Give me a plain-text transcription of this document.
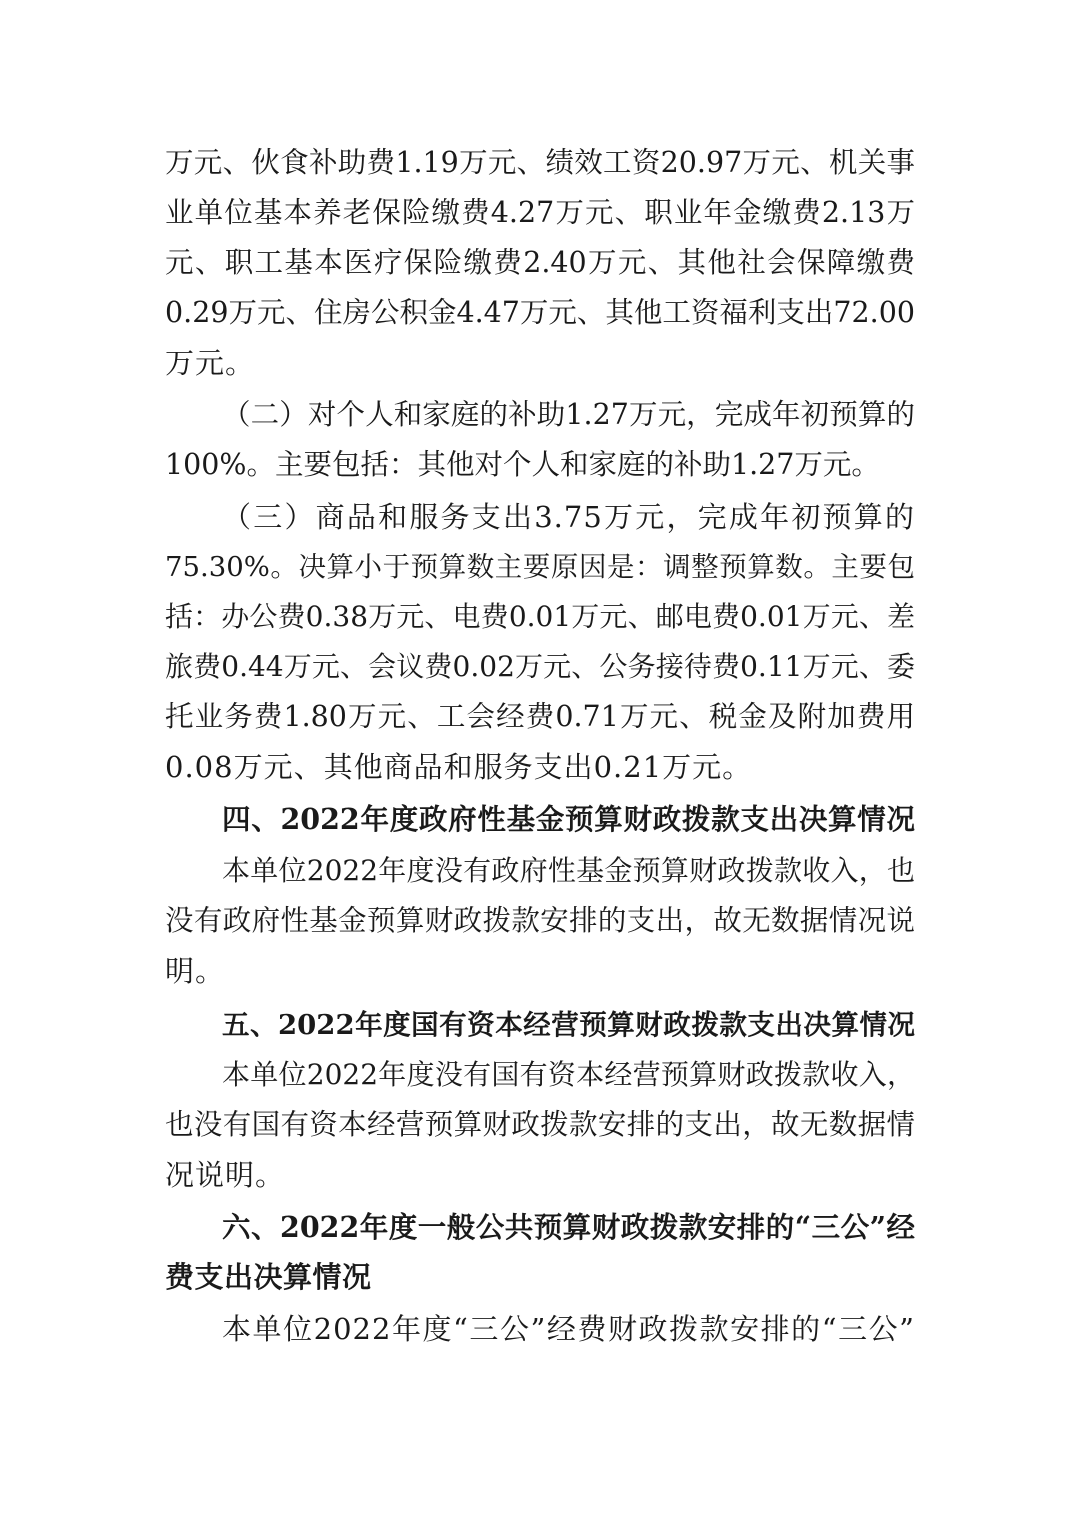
万元、伙食补助费1.19万元、绩效工资20.97万元、机关事
业单位基本养老保险缴费4.27万元、职业年金缴费2.13万
元、职工基本医疗保险缴费2.40万元、其他社会保障缴费
0.29万元、住房公积金4.47万元、其他工资福利支出72.00
万元。
（二）对个人和家庭的补助1.27万元，完成年初预算的
100%。主要包括：其他对个人和家庭的补助1.27万元。
（三）商品和服务支出3.75万元，完成年初预算的
75.30%。决算小于预算数主要原因是：调整预算数。主要包
括：办公费0.38万元、电费0.01万元、邮电费0.01万元、差
旅费0.44万元、会议费0.02万元、公务接待费0.11万元、委
托业务费1.80万元、工会经费0.71万元、税金及附加费用
0.08万元、其他商品和服务支出0.21万元。
四、2022年度政府性基金预算财政拨款支出决算情况
本单位2022年度没有政府性基金预算财政拨款收入，也
没有政府性基金预算财政拨款安排的支出，故无数据情况说
明。
五、2022年度国有资本经营预算财政拨款支出决算情况
本单位2022年度没有国有资本经营预算财政拨款收入，
也没有国有资本经营预算财政拨款安排的支出，故无数据情
况说明。
六、2022年度一般公共预算财政拨款安排的“三公”经
费支出决算情况
本单位2022年度“三公”经费财政拨款安排的“三公”
